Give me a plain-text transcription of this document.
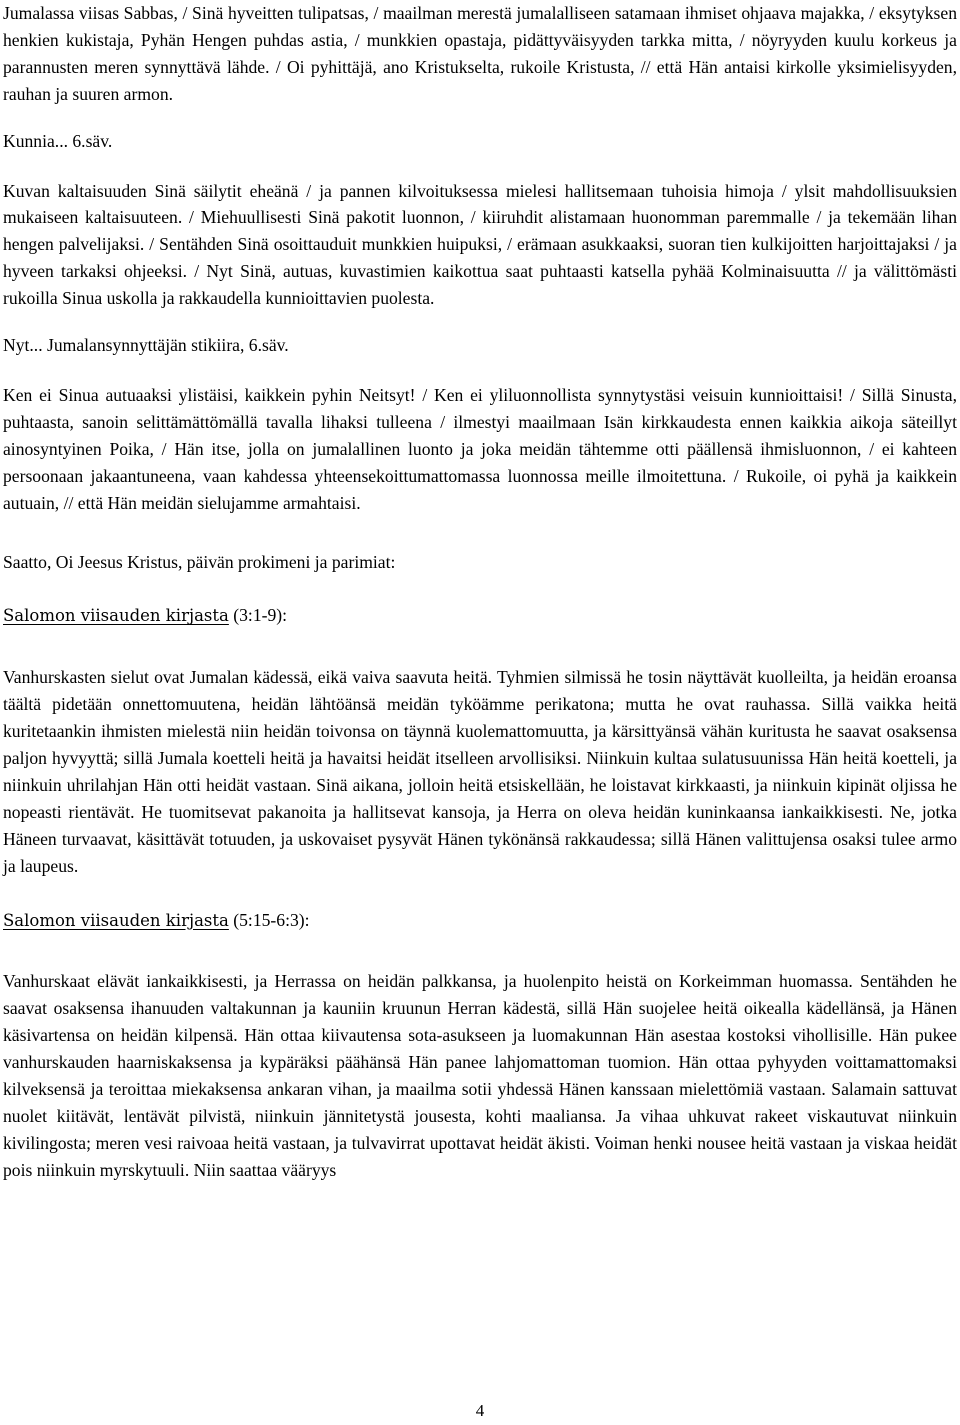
Jumalassa viisas Sabbas, / Sinä hyveitten tulipatsas, / maailman merestä jumalalliseen satamaan ihmiset ohjaava majakka, / eksytyksen henkien kukistaja, Pyhän Hengen puhdas astia, / munkkien opastaja, pidättyväisyyden tarkka mitta, / nöyryyden kuulu korkeus ja parannusten meren synnyttävä lähde. / Oi pyhittäjä, ano Kristukselta, rukoile Kristusta, // että Hän antaisi kirkolle yksimielisyyden, rauhan ja suuren armon.

Kunnia... 6.säv.

Kuvan kaltaisuuden Sinä säilytit eheänä / ja pannen kilvoituksessa mielesi hallitsemaan tuhoisia himoja / ylsit mahdollisuuksien mukaiseen kaltaisuuteen. / Miehuullisesti Sinä pakotit luonnon, / kiiruhdit alistamaan huonomman paremmalle / ja tekemään lihan hengen palvelijaksi. / Sentähden Sinä osoittauduit munkkien huipuksi, / erämaan asukkaaksi, suoran tien kulkijoitten harjoittajaksi / ja hyveen tarkaksi ohjeeksi. / Nyt Sinä, autuas, kuvastimien kaikottua saat puhtaasti katsella pyhää Kolminaisuutta // ja välittömästi rukoilla Sinua uskolla ja rakkaudella kunnioittavien puolesta.

Nyt... Jumalansynnyttäjän stikiira, 6.säv.

Ken ei Sinua autuaaksi ylistäisi, kaikkein pyhin Neitsyt! / Ken ei yliluonnollista synnytystäsi veisuin kunnioittaisi! / Sillä Sinusta, puhtaasta, sanoin selittämättömällä tavalla lihaksi tulleena / ilmestyi maailmaan Isän kirkkaudesta ennen kaikkia aikoja säteillyt ainosyntyinen Poika, / Hän itse, jolla on jumalallinen luonto ja joka meidän tähtemme otti päällensä ihmisluonnon, / ei kahteen persoonaan jakaantuneena, vaan kahdessa yhteensekoittumattomassa luonnossa meille ilmoitettuna. / Rukoile, oi pyhä ja kaikkein autuain, // että Hän meidän sielujamme armahtaisi.

Saatto, Oi Jeesus Kristus, päivän prokimeni ja parimiat:

Salomon viisauden kirjasta (3:1-9):

Vanhurskasten sielut ovat Jumalan kädessä, eikä vaiva saavuta heitä. Tyhmien silmissä he tosin näyttävät kuolleilta, ja heidän eroansa täältä pidetään onnettomuutena, heidän lähtöänsä meidän tyköämme perikatona; mutta he ovat rauhassa. Sillä vaikka heitä kuritetaankin ihmisten mielestä niin heidän toivonsa on täynnä kuolemattomuutta, ja kärsittyänsä vähän kuritusta he saavat osaksensa paljon hyvyyttä; sillä Jumala koetteli heitä ja havaitsi heidät itselleen arvollisiksi. Niinkuin kultaa sulatusuunissa Hän heitä koetteli, ja niinkuin uhrilahjan Hän otti heidät vastaan. Sinä aikana, jolloin heitä etsiskellään, he loistavat kirkkaasti, ja niinkuin kipinät oljissa he nopeasti rientävät. He tuomitsevat pakanoita ja hallitsevat kansoja, ja Herra on oleva heidän kuninkaansa iankaikkisesti. Ne, jotka Häneen turvaavat, käsittävät totuuden, ja uskovaiset pysyvät Hänen tykönänsä rakkaudessa; sillä Hänen valittujensa osaksi tulee armo ja laupeus.

Salomon viisauden kirjasta (5:15-6:3):

Vanhurskaat elävät iankaikkisesti, ja Herrassa on heidän palkkansa, ja huolenpito heistä on Korkeimman huomassa. Sentähden he saavat osaksensa ihanuuden valtakunnan ja kauniin kruunun Herran kädestä, sillä Hän suojelee heitä oikealla kädellänsä, ja Hänen käsivartensa on heidän kilpensä. Hän ottaa kiivautensa sota-asukseen ja luomakunnan Hän asestaa kostoksi vihollisille. Hän pukee vanhurskauden haarniskaksensa ja kypäräksi päähänsä Hän panee lahjomattoman tuomion. Hän ottaa pyhyyden voittamattomaksi kilveksensä ja teroittaa miekaksensa ankaran vihan, ja maailma sotii yhdessä Hänen kanssaan mielettömiä vastaan. Salamain sattuvat nuolet kiitävät, lentävät pilvistä, niinkuin jännitetystä jousesta, kohti maaliansa. Ja vihaa uhkuvat rakeet viskautuvat niinkuin kivilingosta; meren vesi raivoaa heitä vastaan, ja tulvavirrat upottavat heidät äkisti. Voiman henki nousee heitä vastaan ja viskaa heidät pois niinkuin myrskytuuli. Niin saattaa vääryys

4
